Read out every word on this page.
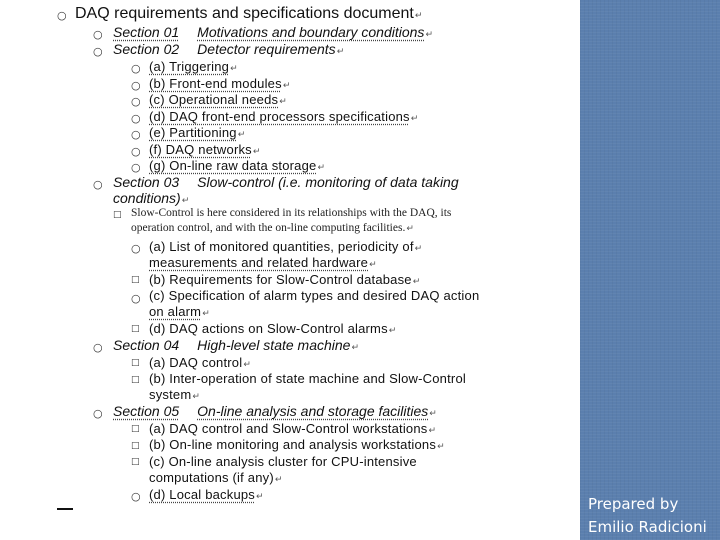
○ DAQ requirements and specifications document↵
○ Section 01 Motivations and boundary conditions↵
○ Section 02 Detector requirements↵
○ (a) Triggering↵
○ (b) Front-end modules↵
○ (c) Operational needs↵
○ (d) DAQ front-end processors specifications↵
○ (e) Partitioning↵
○ (f) DAQ networks↵
○ (g) On-line raw data storage↵
○ Section 03 Slow-control (i.e. monitoring of data taking
conditions)↵
□ Slow-Control is here considered in its relationships with the DAQ, its
operation control, and with the on-line computing facilities.↵
○ (a) List of monitored quantities, periodicity of↵
measurements and related hardware↵
□ (b) Requirements for Slow-Control database↵
○ (c) Specification of alarm types and desired DAQ action
on alarm↵
□ (d) DAQ actions on Slow-Control alarms↵
○ Section 04 High-level state machine↵
□ (a) DAQ control↵
□ (b) Inter-operation of state machine and Slow-Control
system↵
○ Section 05 On-line analysis and storage facilities↵
□ (a) DAQ control and Slow-Control workstations↵
□ (b) On-line monitoring and analysis workstations↵
□ (c) On-line analysis cluster for CPU-intensive
computations (if any)↵
○ (d) Local backups↵	Prepared by
Emilio Radicioni
